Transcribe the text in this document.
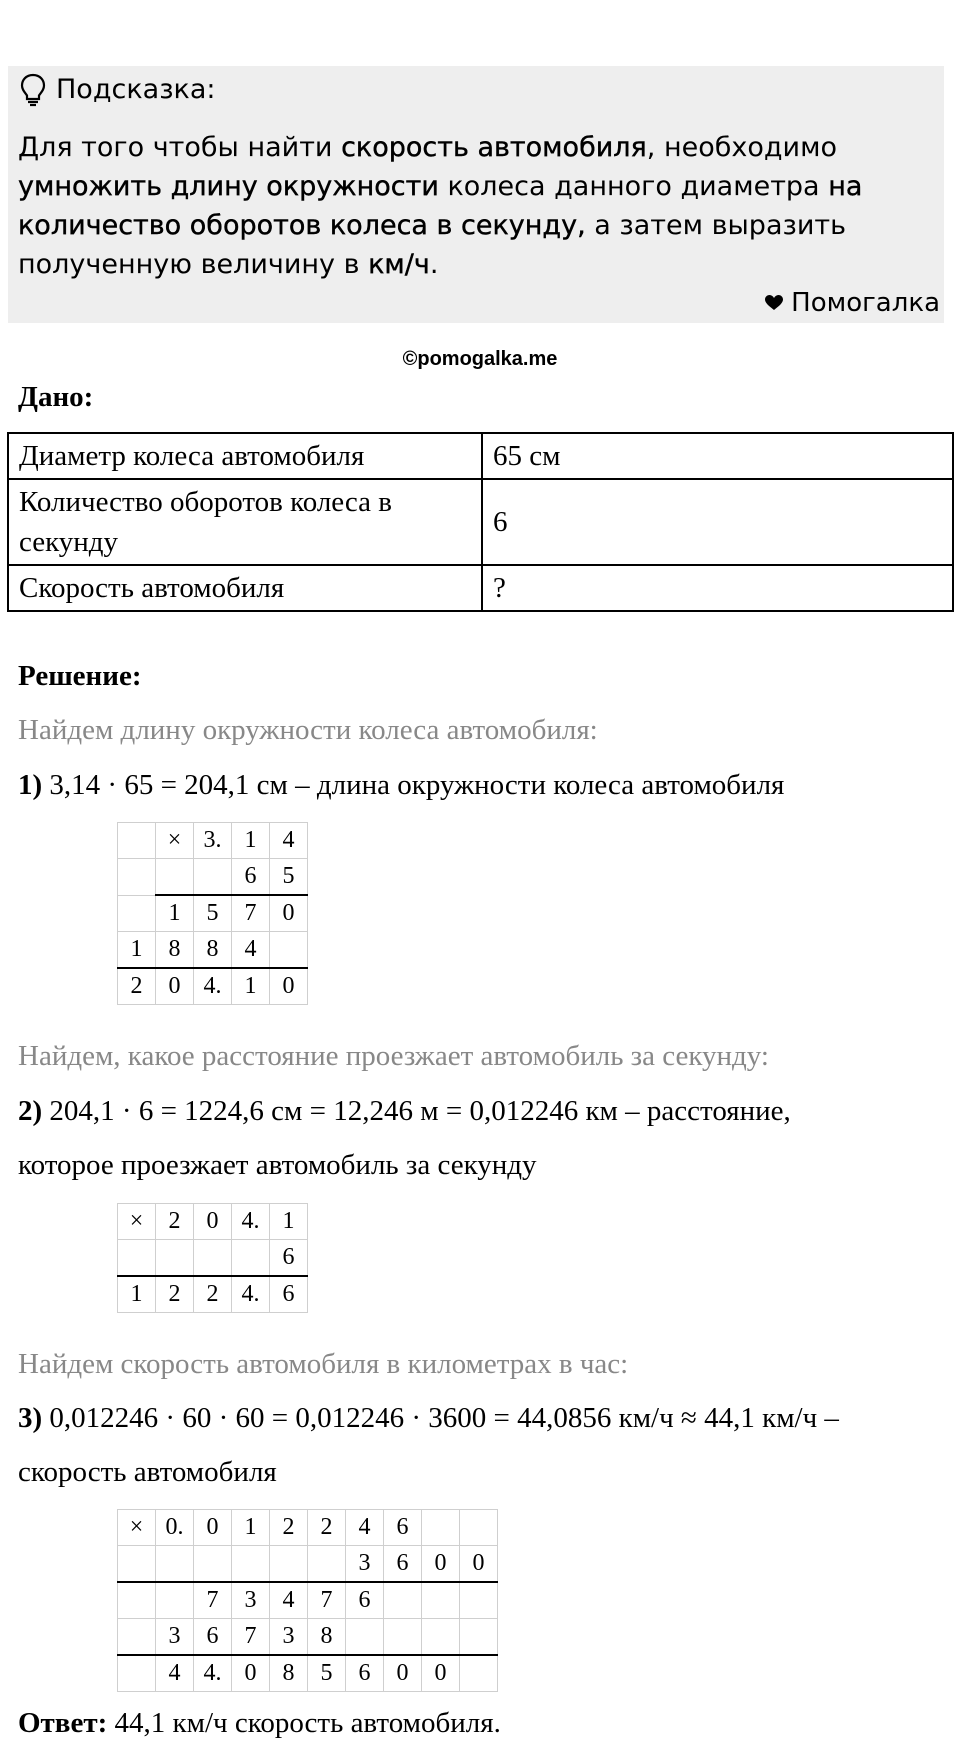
Подсказка:
Для того чтобы найти скорость автомобиля, необходимо умножить длину окружности колеса данного диаметра на количество оборотов колеса в секунду, а затем выразить полученную величину в км/ч.
Помогалка
©pomogalka.me
Дано:
Диаметр колеса автомобиля	65 см
Количество оборотов колеса в секунду	6
Скорость автомобиля	?
Решение:
Найдем длину окружности колеса автомобиля:
1) 3,14 · 65 = 204,1 см – длина окружности колеса автомобиля
	×	3.	1	4
			6	5
	1	5	7	0
1	8	8	4	
2	0	4.	1	0
Найдем, какое расстояние проезжает автомобиль за секунду:
2) 204,1 · 6 = 1224,6 см = 12,246 м = 0,012246 км – расстояние,
которое проезжает автомобиль за секунду
×	2	0	4.	1
				6
1	2	2	4.	6
Найдем скорость автомобиля в километрах в час:
3) 0,012246 · 60 · 60 = 0,012246 · 3600 = 44,0856 км/ч ≈ 44,1 км/ч –
скорость автомобиля
×	0.	0	1	2	2	4	6		
						3	6	0	0
		7	3	4	7	6			
	3	6	7	3	8				
	4	4.	0	8	5	6	0	0	
Ответ: 44,1 км/ч скорость автомобиля.
